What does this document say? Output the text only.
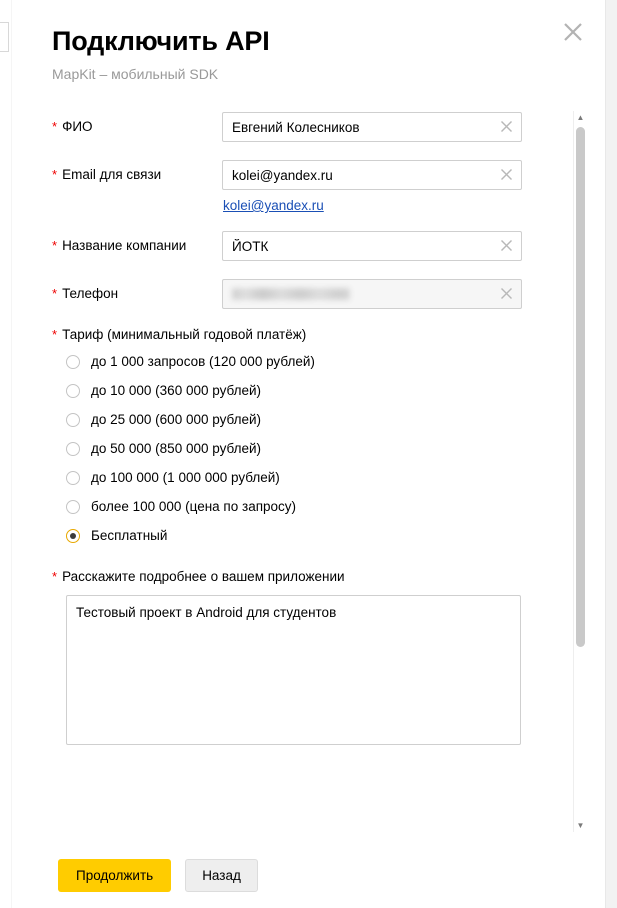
Подключить API
MapKit – мобильный SDK
* ФИО
Евгений Колесников
* Email для связи
kolei@yandex.ru
kolei@yandex.ru
* Название компании
ЙОТК
* Телефон
* Тариф (минимальный годовой платёж)
до 1 000 запросов (120 000 рублей)
до 10 000 (360 000 рублей)
до 25 000 (600 000 рублей)
до 50 000 (850 000 рублей)
до 100 000 (1 000 000 рублей)
более 100 000 (цена по запросу)
Бесплатный
* Расскажите подробнее о вашем приложении
Тестовый проект в Android для студентов
▲
▼
Продолжить	Назад
